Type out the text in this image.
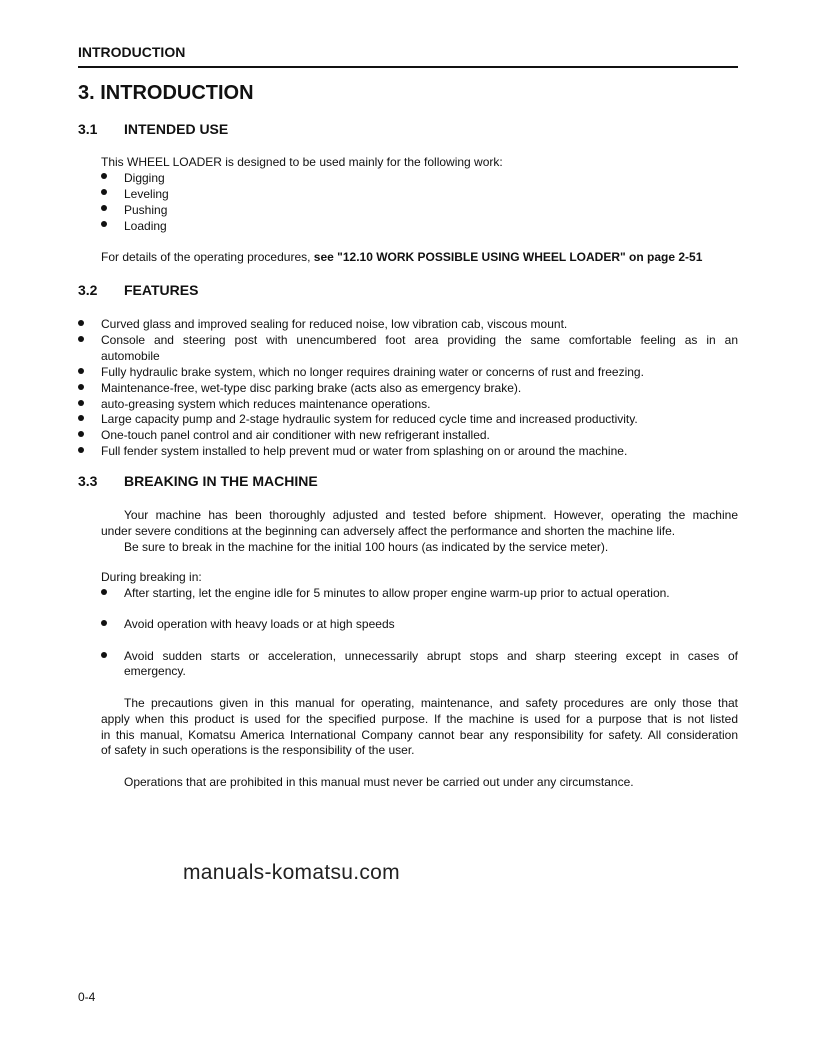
INTRODUCTION
3. INTRODUCTION
3.1 INTENDED USE
This WHEEL LOADER is designed to be used mainly for the following work:
Digging
Leveling
Pushing
Loading
For details of the operating procedures, see "12.10 WORK POSSIBLE USING WHEEL LOADER" on page 2-51
3.2 FEATURES
Curved glass and improved sealing for reduced noise, low vibration cab, viscous mount.
Console and steering post with unencumbered foot area providing the same comfortable feeling as in an
automobile
Fully hydraulic brake system, which no longer requires draining water or concerns of rust and freezing.
Maintenance-free, wet-type disc parking brake (acts also as emergency brake).
auto-greasing system which reduces maintenance operations.
Large capacity pump and 2-stage hydraulic system for reduced cycle time and increased productivity.
One-touch panel control and air conditioner with new refrigerant installed.
Full fender system installed to help prevent mud or water from splashing on or around the machine.
3.3 BREAKING IN THE MACHINE
Your machine has been thoroughly adjusted and tested before shipment. However, operating the machine
under severe conditions at the beginning can adversely affect the performance and shorten the machine life.
Be sure to break in the machine for the initial 100 hours (as indicated by the service meter).
During breaking in:
After starting, let the engine idle for 5 minutes to allow proper engine warm-up prior to actual operation.
Avoid operation with heavy loads or at high speeds
Avoid sudden starts or acceleration, unnecessarily abrupt stops and sharp steering except in cases of
emergency.
The precautions given in this manual for operating, maintenance, and safety procedures are only those that
apply when this product is used for the specified purpose. If the machine is used for a purpose that is not listed
in this manual, Komatsu America International Company cannot bear any responsibility for safety. All consideration
of safety in such operations is the responsibility of the user.
Operations that are prohibited in this manual must never be carried out under any circumstance.
manuals-komatsu.com
0-4
